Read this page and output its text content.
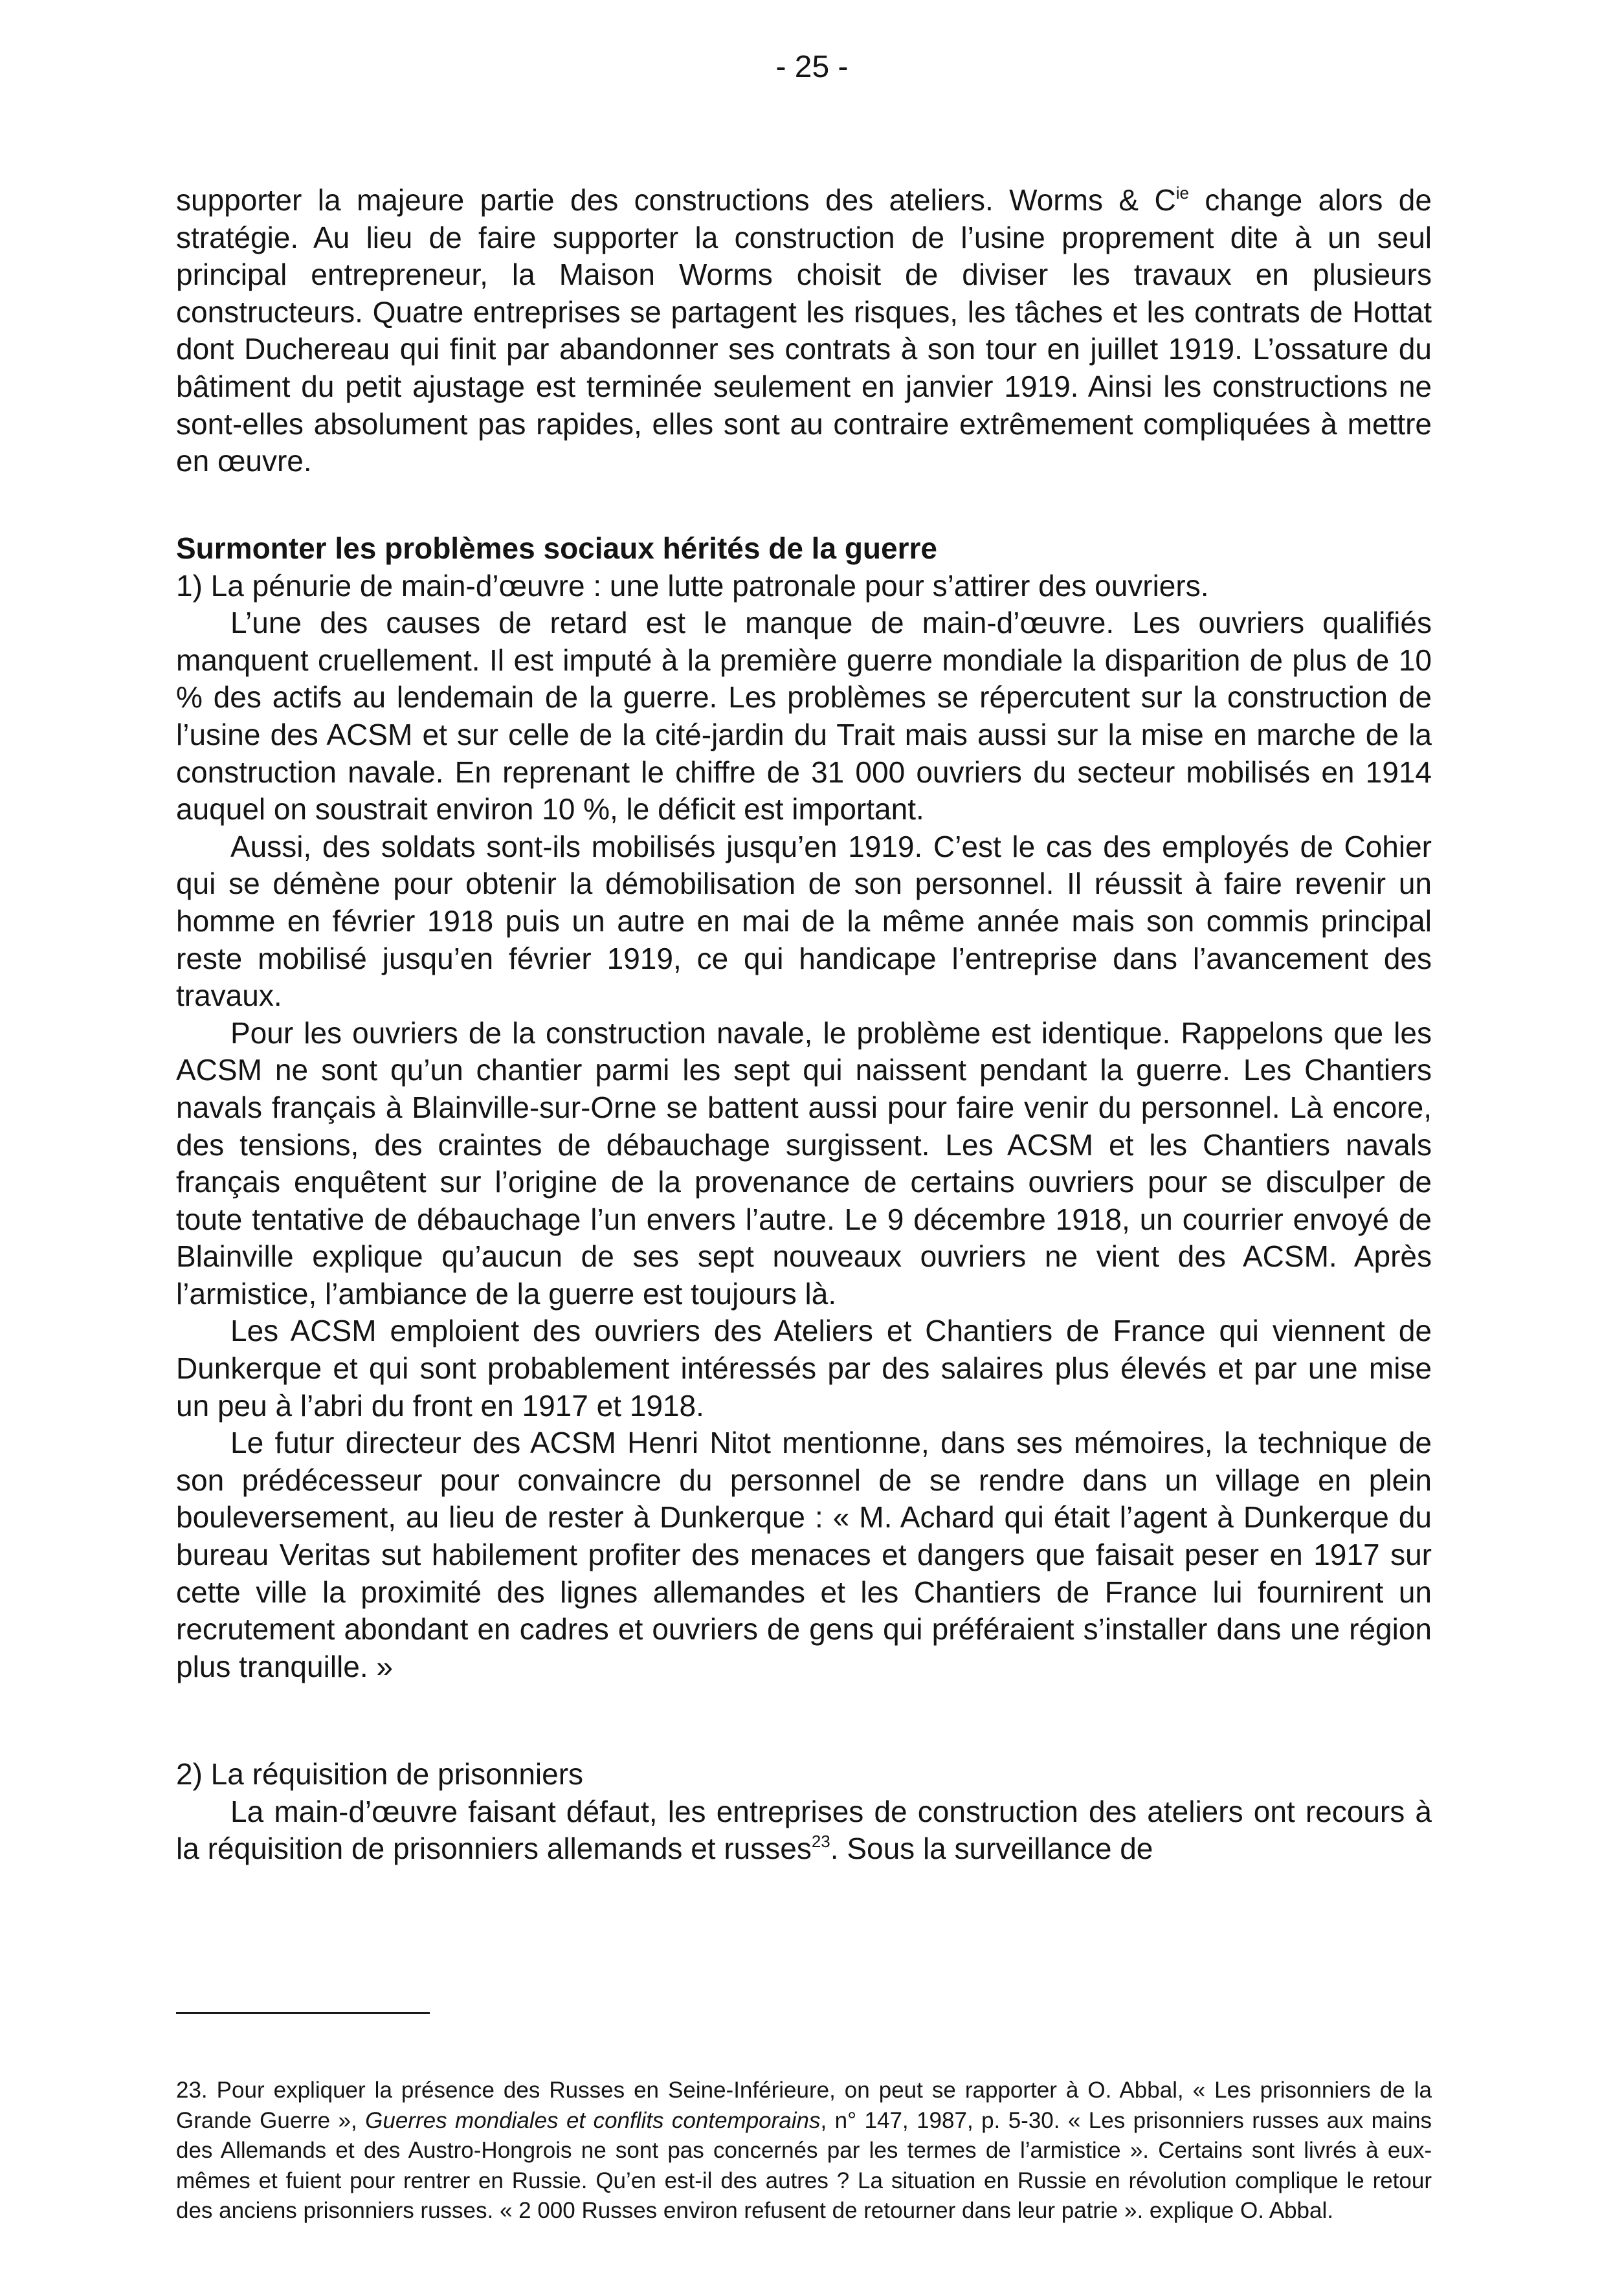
- 25 -

supporter la majeure partie des constructions des ateliers. Worms & $C^{ie}$ change alors de stratégie. Au lieu de faire supporter la construction de l’usine proprement dite à un seul principal entrepreneur, la Maison Worms choisit de diviser les travaux en plusieurs constructeurs. Quatre entreprises se partagent les risques, les tâches et les contrats de Hottat dont Duchereau qui finit par abandonner ses contrats à son tour en juillet 1919. L’ossature du bâtiment du petit ajustage est terminée seulement en janvier 1919. Ainsi les constructions ne sont-elles absolument pas rapides, elles sont au contraire extrêmement compliquées à mettre en œuvre.

Surmonter les problèmes sociaux hérités de la guerre

1) La pénurie de main-d’œuvre : une lutte patronale pour s’attirer des ouvriers.

L’une des causes de retard est le manque de main-d’œuvre. Les ouvriers qualifiés manquent cruellement. Il est imputé à la première guerre mondiale la disparition de plus de 10 % des actifs au lendemain de la guerre. Les problèmes se répercutent sur la construction de l’usine des ACSM et sur celle de la cité-jardin du Trait mais aussi sur la mise en marche de la construction navale. En reprenant le chiffre de 31 000 ouvriers du secteur mobilisés en 1914 auquel on soustrait environ 10 %, le déficit est important.

Aussi, des soldats sont-ils mobilisés jusqu’en 1919. C’est le cas des employés de Cohier qui se démène pour obtenir la démobilisation de son personnel. Il réussit à faire revenir un homme en février 1918 puis un autre en mai de la même année mais son commis principal reste mobilisé jusqu’en février 1919, ce qui handicape l’entreprise dans l’avancement des travaux.

Pour les ouvriers de la construction navale, le problème est identique. Rappelons que les ACSM ne sont qu’un chantier parmi les sept qui naissent pendant la guerre. Les Chantiers navals français à Blainville-sur-Orne se battent aussi pour faire venir du personnel. Là encore, des tensions, des craintes de débauchage surgissent. Les ACSM et les Chantiers navals français enquêtent sur l’origine de la provenance de certains ouvriers pour se disculper de toute tentative de débauchage l’un envers l’autre. Le 9 décembre 1918, un courrier envoyé de Blainville explique qu’aucun de ses sept nouveaux ouvriers ne vient des ACSM. Après l’armistice, l’ambiance de la guerre est toujours là.

Les ACSM emploient des ouvriers des Ateliers et Chantiers de France qui viennent de Dunkerque et qui sont probablement intéressés par des salaires plus élevés et par une mise un peu à l’abri du front en 1917 et 1918.

Le futur directeur des ACSM Henri Nitot mentionne, dans ses mémoires, la technique de son prédécesseur pour convaincre du personnel de se rendre dans un village en plein bouleversement, au lieu de rester à Dunkerque : « M. Achard qui était l’agent à Dunkerque du bureau Veritas sut habilement profiter des menaces et dangers que faisait peser en 1917 sur cette ville la proximité des lignes allemandes et les Chantiers de France lui fournirent un recrutement abondant en cadres et ouvriers de gens qui préféraient s’installer dans une région plus tranquille. »

2) La réquisition de prisonniers

La main-d’œuvre faisant défaut, les entreprises de construction des ateliers ont recours à la réquisition de prisonniers allemands et russes$^{23}$. Sous la surveillance de

23. Pour expliquer la présence des Russes en Seine-Inférieure, on peut se rapporter à O. Abbal, « Les prisonniers de la Grande Guerre », Guerres mondiales et conflits contemporains, n° 147, 1987, p. 5-30. « Les prisonniers russes aux mains des Allemands et des Austro-Hongrois ne sont pas concernés par les termes de l’armistice ». Certains sont livrés à eux-mêmes et fuient pour rentrer en Russie. Qu’en est-il des autres ? La situation en Russie en révolution complique le retour des anciens prisonniers russes. « 2 000 Russes environ refusent de retourner dans leur patrie ». explique O. Abbal.
